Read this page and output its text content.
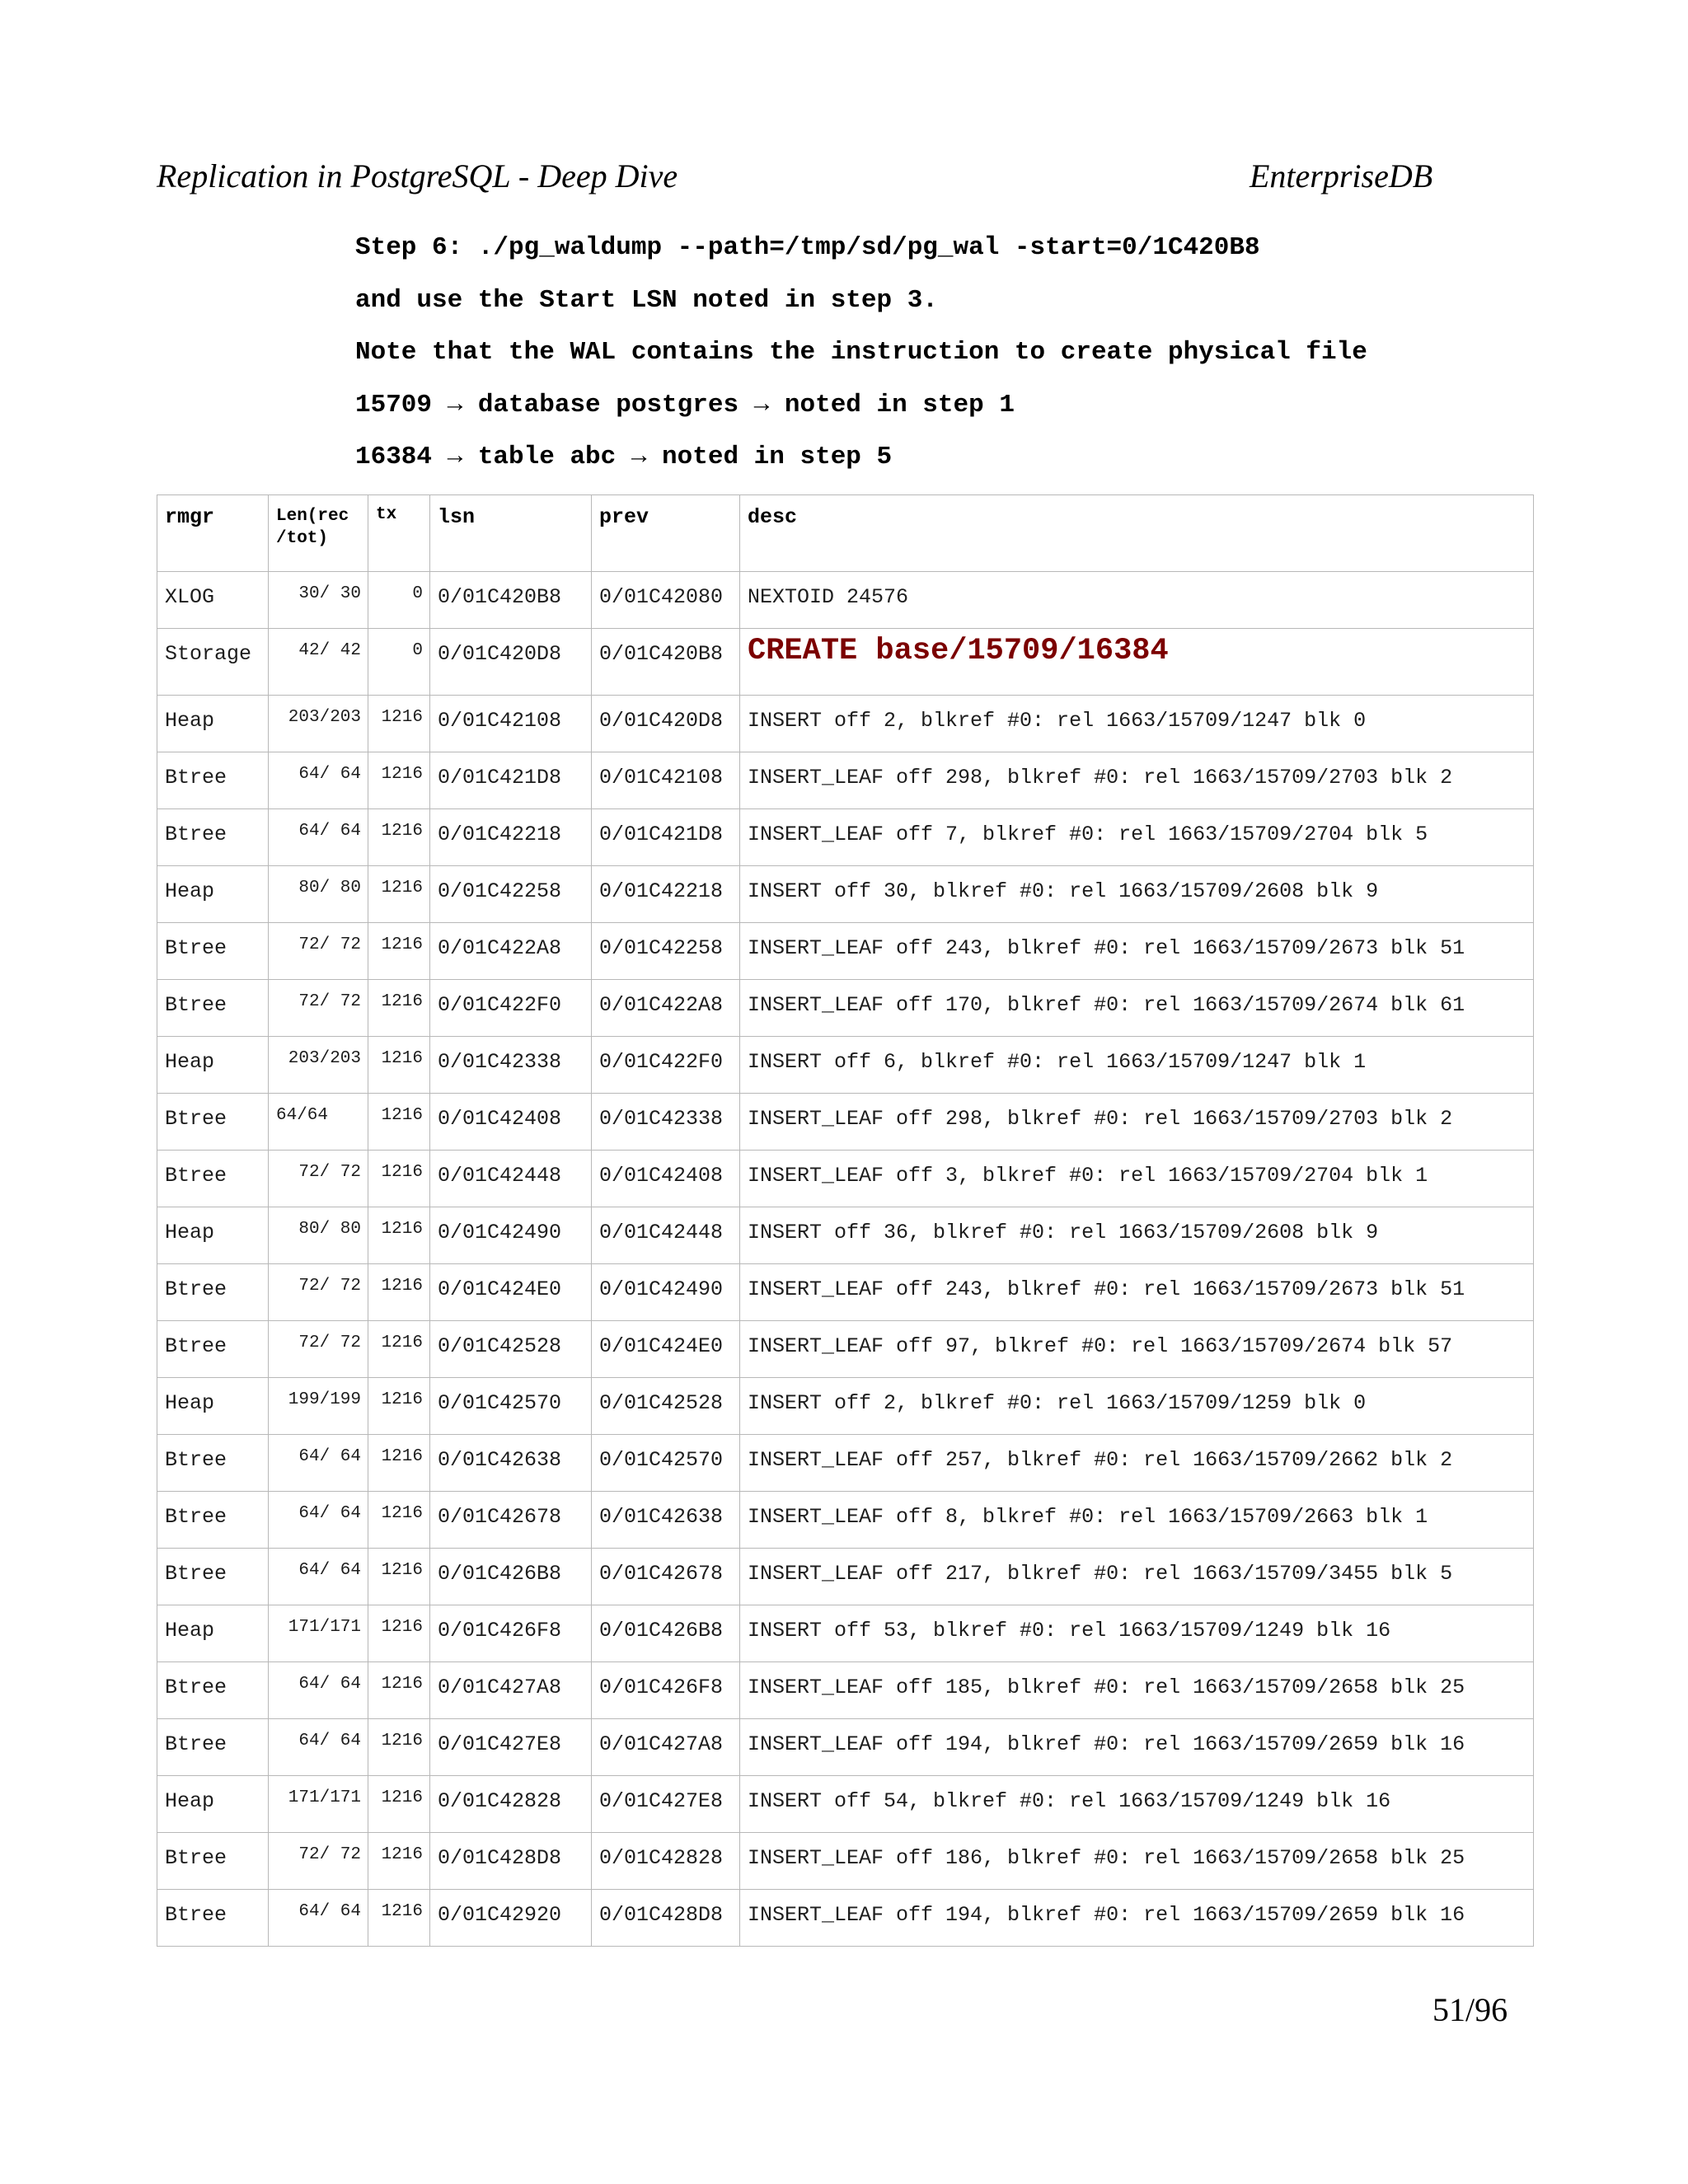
Replication in PostgreSQL - Deep Dive	EnterpriseDB
Step 6: ./pg_waldump --path=/tmp/sd/pg_wal -start=0/1C420B8
and use the Start LSN noted in step 3.
Note that the WAL contains the instruction to create physical file
15709 → database postgres → noted in step 1
16384 → table abc → noted in step 5
rmgr	Len(rec /tot)	tx	lsn	prev	desc
XLOG	30/ 30	0	0/01C420B8	0/01C42080	NEXTOID 24576
Storage	42/ 42	0	0/01C420D8	0/01C420B8	CREATE base/15709/16384
Heap	203/203	1216	0/01C42108	0/01C420D8	INSERT off 2, blkref #0: rel 1663/15709/1247 blk 0
Btree	64/ 64	1216	0/01C421D8	0/01C42108	INSERT_LEAF off 298, blkref #0: rel 1663/15709/2703 blk 2
Btree	64/ 64	1216	0/01C42218	0/01C421D8	INSERT_LEAF off 7, blkref #0: rel 1663/15709/2704 blk 5
Heap	80/ 80	1216	0/01C42258	0/01C42218	INSERT off 30, blkref #0: rel 1663/15709/2608 blk 9
Btree	72/ 72	1216	0/01C422A8	0/01C42258	INSERT_LEAF off 243, blkref #0: rel 1663/15709/2673 blk 51
Btree	72/ 72	1216	0/01C422F0	0/01C422A8	INSERT_LEAF off 170, blkref #0: rel 1663/15709/2674 blk 61
Heap	203/203	1216	0/01C42338	0/01C422F0	INSERT off 6, blkref #0: rel 1663/15709/1247 blk 1
Btree	64/64	1216	0/01C42408	0/01C42338	INSERT_LEAF off 298, blkref #0: rel 1663/15709/2703 blk 2
Btree	72/ 72	1216	0/01C42448	0/01C42408	INSERT_LEAF off 3, blkref #0: rel 1663/15709/2704 blk 1
Heap	80/ 80	1216	0/01C42490	0/01C42448	INSERT off 36, blkref #0: rel 1663/15709/2608 blk 9
Btree	72/ 72	1216	0/01C424E0	0/01C42490	INSERT_LEAF off 243, blkref #0: rel 1663/15709/2673 blk 51
Btree	72/ 72	1216	0/01C42528	0/01C424E0	INSERT_LEAF off 97, blkref #0: rel 1663/15709/2674 blk 57
Heap	199/199	1216	0/01C42570	0/01C42528	INSERT off 2, blkref #0: rel 1663/15709/1259 blk 0
Btree	64/ 64	1216	0/01C42638	0/01C42570	INSERT_LEAF off 257, blkref #0: rel 1663/15709/2662 blk 2
Btree	64/ 64	1216	0/01C42678	0/01C42638	INSERT_LEAF off 8, blkref #0: rel 1663/15709/2663 blk 1
Btree	64/ 64	1216	0/01C426B8	0/01C42678	INSERT_LEAF off 217, blkref #0: rel 1663/15709/3455 blk 5
Heap	171/171	1216	0/01C426F8	0/01C426B8	INSERT off 53, blkref #0: rel 1663/15709/1249 blk 16
Btree	64/ 64	1216	0/01C427A8	0/01C426F8	INSERT_LEAF off 185, blkref #0: rel 1663/15709/2658 blk 25
Btree	64/ 64	1216	0/01C427E8	0/01C427A8	INSERT_LEAF off 194, blkref #0: rel 1663/15709/2659 blk 16
Heap	171/171	1216	0/01C42828	0/01C427E8	INSERT off 54, blkref #0: rel 1663/15709/1249 blk 16
Btree	72/ 72	1216	0/01C428D8	0/01C42828	INSERT_LEAF off 186, blkref #0: rel 1663/15709/2658 blk 25
Btree	64/ 64	1216	0/01C42920	0/01C428D8	INSERT_LEAF off 194, blkref #0: rel 1663/15709/2659 blk 16
51/96
